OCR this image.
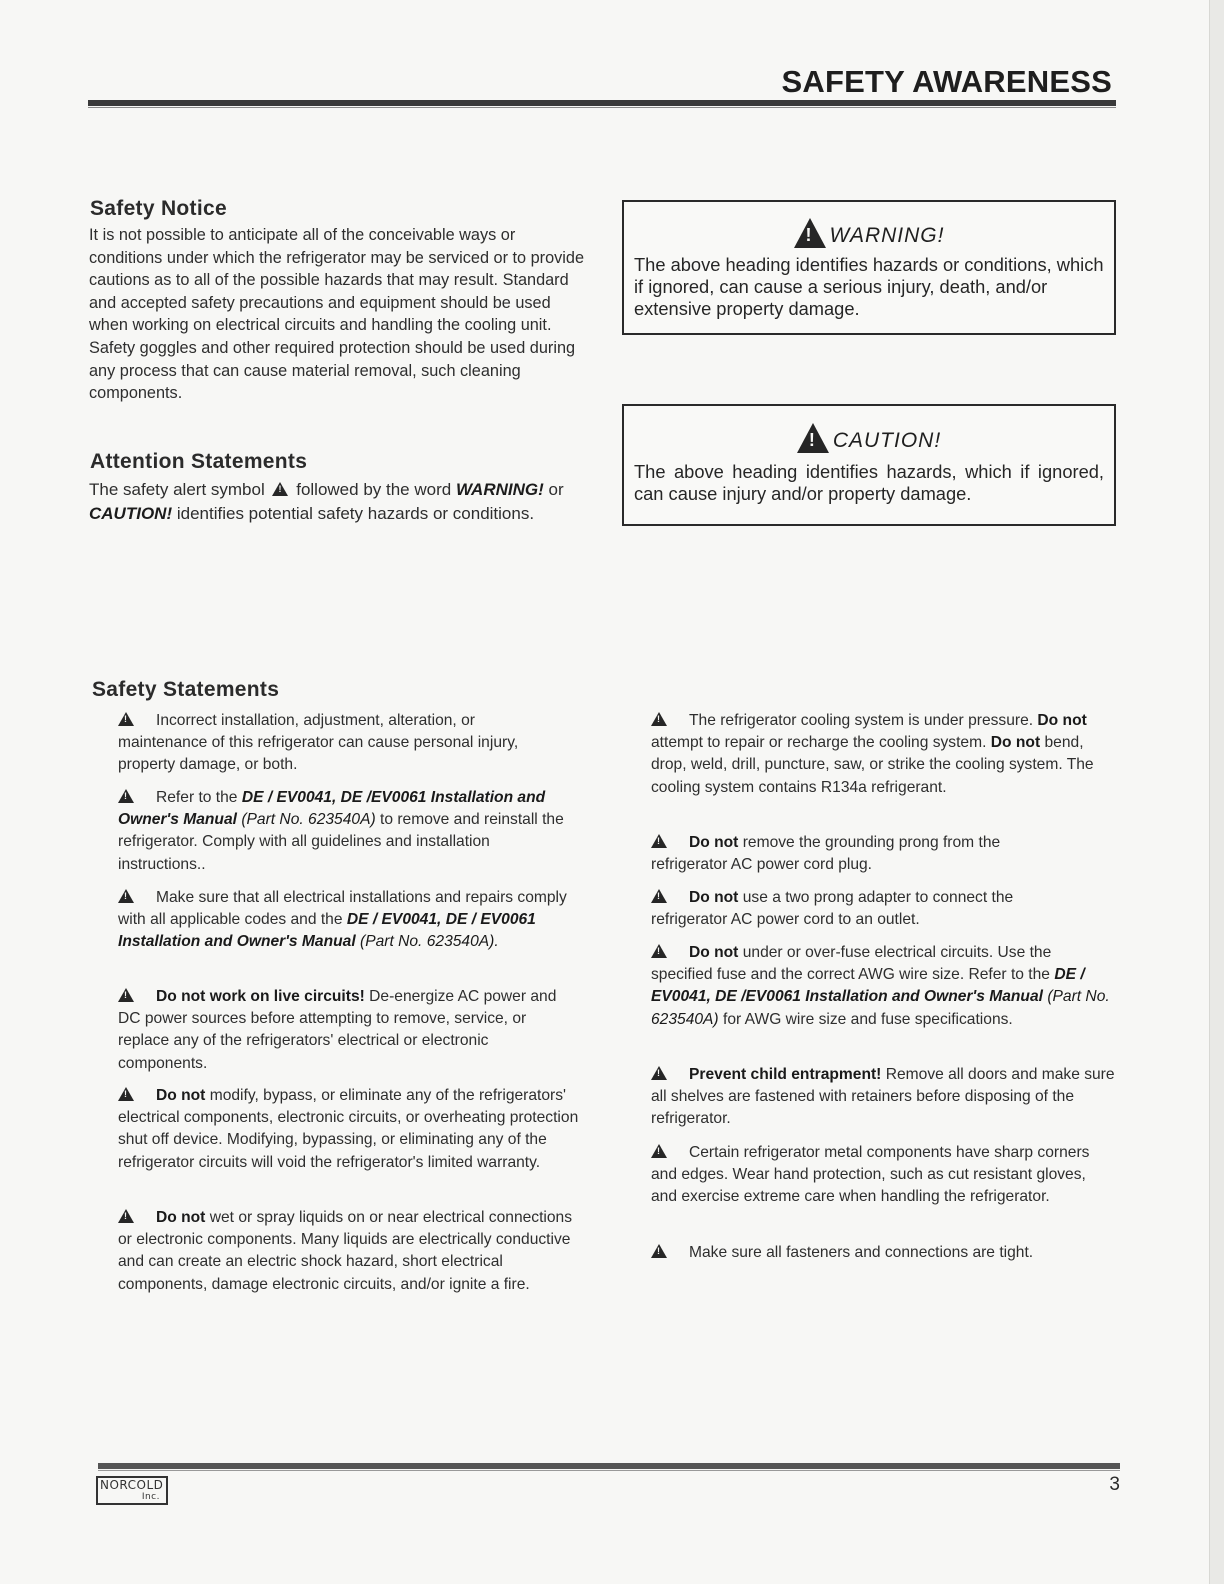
SAFETY AWARENESS
Safety Notice
It is not possible to anticipate all of the conceivable ways or conditions under which the refrigerator may be serviced or to provide cautions as to all of the possible hazards that may result. Standard and accepted safety precautions and equipment should be used when working on electrical circuits and handling the cooling unit. Safety goggles and other required protection should be used during any process that can cause material removal, such cleaning components.
Attention Statements
The safety alert symbol ! followed by the word WARNING! or CAUTION! identifies potential safety hazards or conditions.
!WARNING!
The above heading identifies hazards or conditions, which if ignored, can cause a serious injury, death, and/or extensive property damage.
!CAUTION!
The above heading identifies hazards, which if ignored, can cause injury and/or property damage.
Safety Statements
!Incorrect installation, adjustment, alteration, or maintenance of this refrigerator can cause personal injury, property damage, or both.
!Refer to the DE / EV0041, DE /EV0061 Installation and Owner's Manual (Part No. 623540A) to remove and reinstall the refrigerator. Comply with all guidelines and installation instructions..
!Make sure that all electrical installations and repairs comply with all applicable codes and the DE / EV0041, DE / EV0061 Installation and Owner's Manual (Part No. 623540A).
!Do not work on live circuits! De-energize AC power and DC power sources before attempting to remove, service, or replace any of the refrigerators' electrical or electronic components.
!Do not modify, bypass, or eliminate any of the refrigerators' electrical components, electronic circuits, or overheating protection shut off device. Modifying, bypassing, or eliminating any of the refrigerator circuits will void the refrigerator's limited warranty.
!Do not wet or spray liquids on or near electrical connections or electronic components. Many liquids are electrically conductive and can create an electric shock hazard, short electrical components, damage electronic circuits, and/or ignite a fire.
!The refrigerator cooling system is under pressure. Do not attempt to repair or recharge the cooling system. Do not bend, drop, weld, drill, puncture, saw, or strike the cooling system. The cooling system contains R134a refrigerant.
!Do not remove the grounding prong from the refrigerator AC power cord plug.
!Do not use a two prong adapter to connect the refrigerator AC power cord to an outlet.
!Do not under or over-fuse electrical circuits. Use the specified fuse and the correct AWG wire size. Refer to the DE / EV0041, DE /EV0061 Installation and Owner's Manual (Part No. 623540A) for AWG wire size and fuse specifications.
!Prevent child entrapment! Remove all doors and make sure all shelves are fastened with retainers before disposing of the refrigerator.
!Certain refrigerator metal components have sharp corners and edges. Wear hand protection, such as cut resistant gloves, and exercise extreme care when handling the refrigerator.
!Make sure all fasteners and connections are tight.
NORCOLD
Inc.
3
